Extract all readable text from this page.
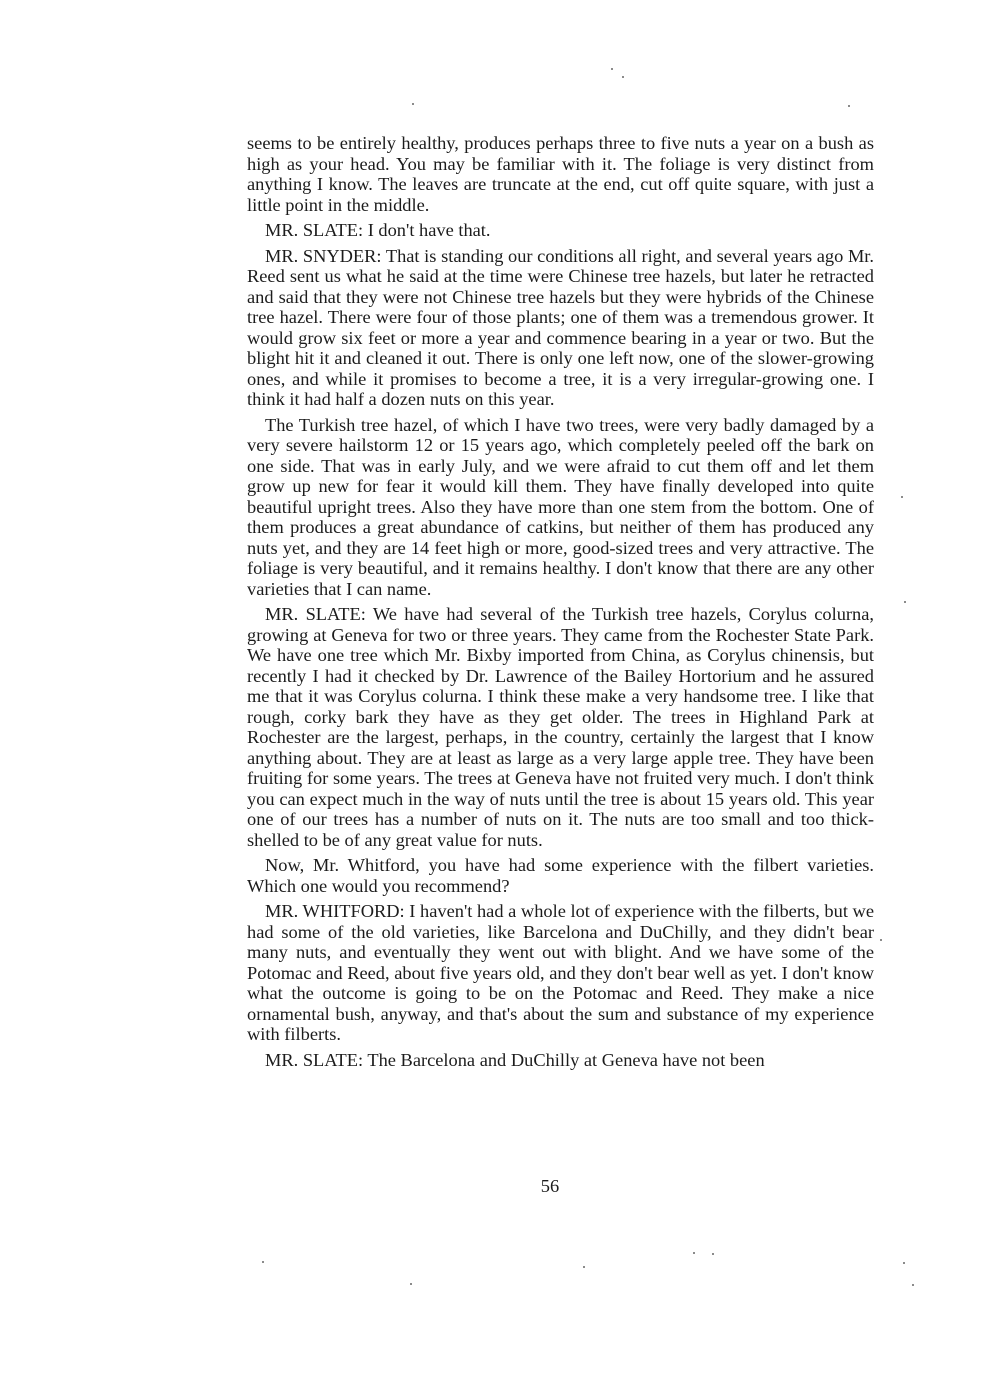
seems to be entirely healthy, produces perhaps three to five nuts a year on a bush as high as your head. You may be familiar with it. The foliage is very distinct from anything I know. The leaves are truncate at the end, cut off quite square, with just a little point in the middle.

MR. SLATE: I don't have that.

MR. SNYDER: That is standing our conditions all right, and several years ago Mr. Reed sent us what he said at the time were Chinese tree hazels, but later he retracted and said that they were not Chinese tree hazels but they were hybrids of the Chinese tree hazel. There were four of those plants; one of them was a tremendous grower. It would grow six feet or more a year and commence bearing in a year or two. But the blight hit it and cleaned it out. There is only one left now, one of the slower-growing ones, and while it promises to become a tree, it is a very irregular-growing one. I think it had half a dozen nuts on this year.

The Turkish tree hazel, of which I have two trees, were very badly damaged by a very severe hailstorm 12 or 15 years ago, which completely peeled off the bark on one side. That was in early July, and we were afraid to cut them off and let them grow up new for fear it would kill them. They have finally developed into quite beautiful upright trees. Also they have more than one stem from the bottom. One of them produces a great abundance of catkins, but neither of them has produced any nuts yet, and they are 14 feet high or more, good-sized trees and very attractive. The foliage is very beautiful, and it remains healthy. I don't know that there are any other varieties that I can name.

MR. SLATE: We have had several of the Turkish tree hazels, Corylus colurna, growing at Geneva for two or three years. They came from the Rochester State Park. We have one tree which Mr. Bixby imported from China, as Corylus chinensis, but recently I had it checked by Dr. Lawrence of the Bailey Hortorium and he assured me that it was Corylus colurna. I think these make a very handsome tree. I like that rough, corky bark they have as they get older. The trees in Highland Park at Rochester are the largest, perhaps, in the country, certainly the largest that I know anything about. They are at least as large as a very large apple tree. They have been fruiting for some years. The trees at Geneva have not fruited very much. I don't think you can expect much in the way of nuts until the tree is about 15 years old. This year one of our trees has a number of nuts on it. The nuts are too small and too thick-shelled to be of any great value for nuts.

Now, Mr. Whitford, you have had some experience with the filbert varieties. Which one would you recommend?

MR. WHITFORD: I haven't had a whole lot of experience with the filberts, but we had some of the old varieties, like Barcelona and DuChilly, and they didn't bear many nuts, and eventually they went out with blight. And we have some of the Potomac and Reed, about five years old, and they don't bear well as yet. I don't know what the outcome is going to be on the Potomac and Reed. They make a nice ornamental bush, anyway, and that's about the sum and substance of my experience with filberts.

MR. SLATE: The Barcelona and DuChilly at Geneva have not been

56
